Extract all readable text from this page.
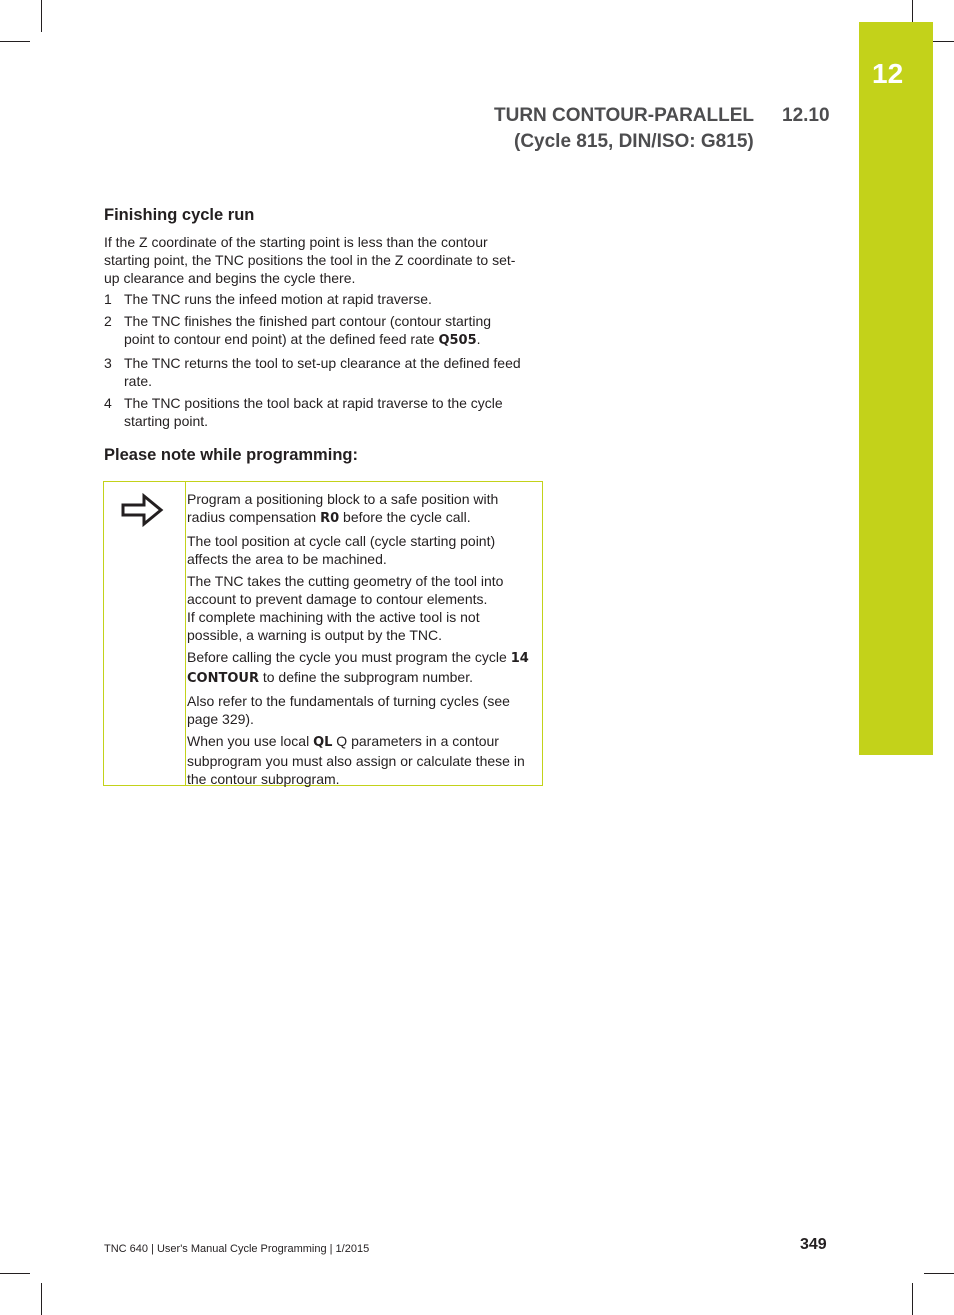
12
TURN CONTOUR-PARALLEL 12.10
(Cycle 815, DIN/ISO: G815)
Finishing cycle run

If the Z coordinate of the starting point is less than the contour
starting point, the TNC positions the tool in the Z coordinate to set-
up clearance and begins the cycle there.

1 The TNC runs the infeed motion at rapid traverse.
2 The TNC finishes the finished part contour (contour starting
point to contour end point) at the defined feed rate Q505.
3 The TNC returns the tool to set-up clearance at the defined feed
rate.
4 The TNC positions the tool back at rapid traverse to the cycle
starting point.
Please note while programming:

Program a positioning block to a safe position with radius compensation R0 before the cycle call.

The tool position at cycle call (cycle starting point) affects the area to be machined.

The TNC takes the cutting geometry of the tool into account to prevent damage to contour elements.
If complete machining with the active tool is not possible, a warning is output by the TNC.

Before calling the cycle you must program the cycle 14 CONTOUR to define the subprogram number.

Also refer to the fundamentals of turning cycles (see page 329).

When you use local QL Q parameters in a contour subprogram you must also assign or calculate these in the contour subprogram.

TNC 640 | User's Manual Cycle Programming | 1/2015	349
